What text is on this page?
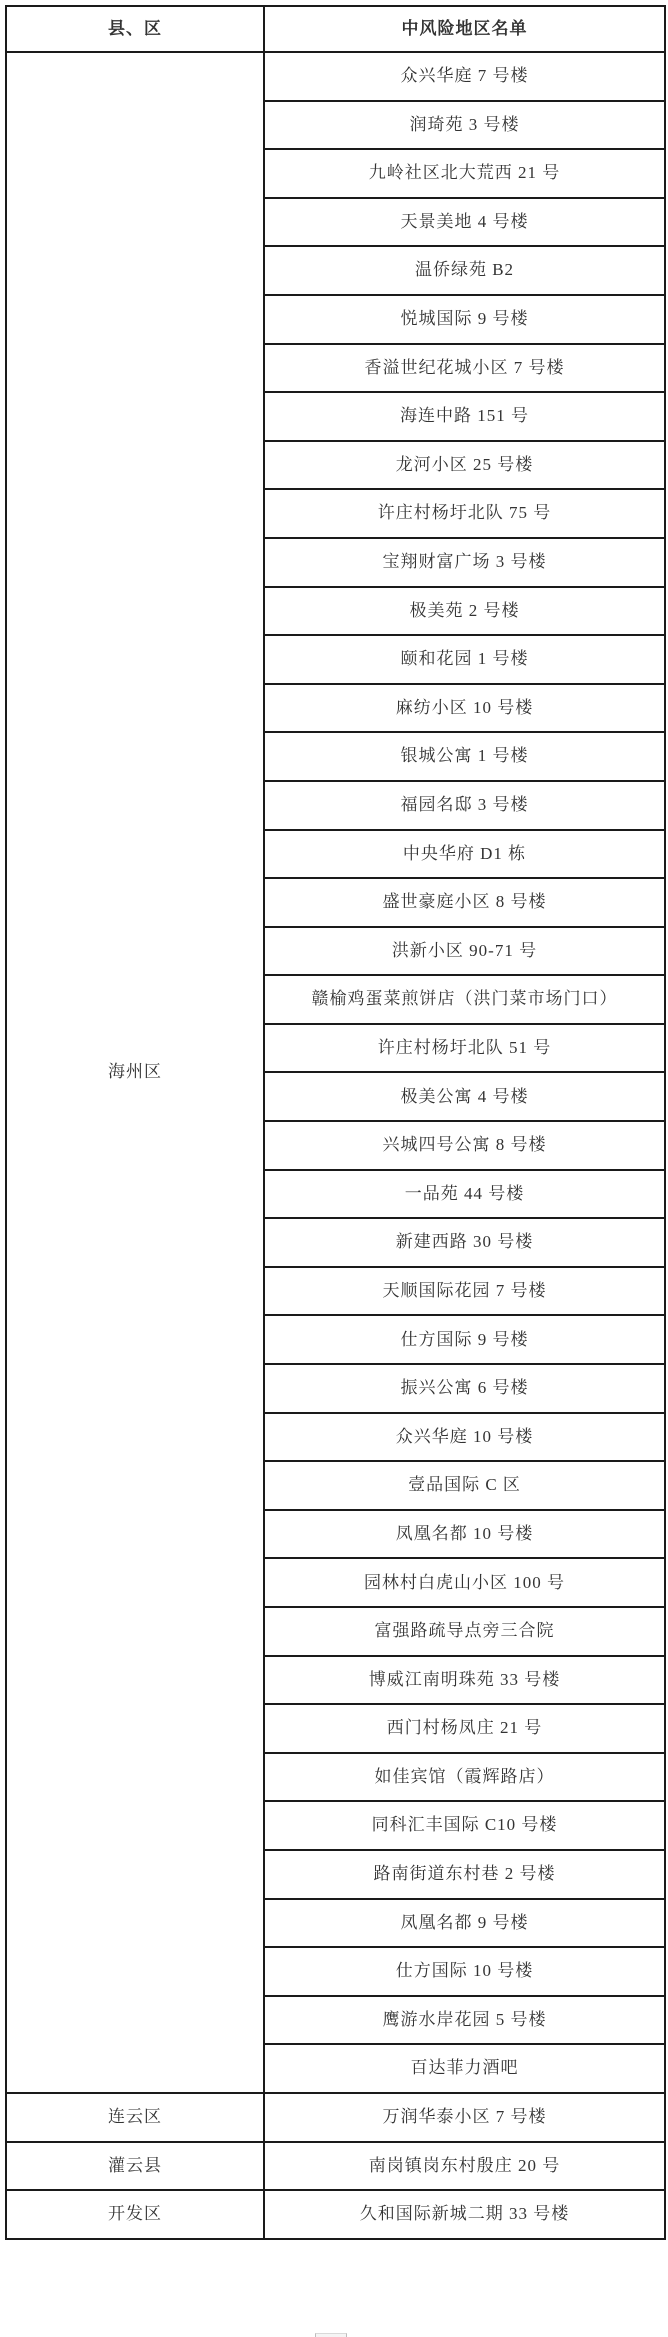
县、区	中风险地区名单
海州区	众兴华庭 7 号楼
	润琦苑 3 号楼
	九岭社区北大荒西 21 号
	天景美地 4 号楼
	温侨绿苑 B2
	悦城国际 9 号楼
	香溢世纪花城小区 7 号楼
	海连中路 151 号
	龙河小区 25 号楼
	许庄村杨圩北队 75 号
	宝翔财富广场 3 号楼
	极美苑 2 号楼
	颐和花园 1 号楼
	麻纺小区 10 号楼
	银城公寓 1 号楼
	福园名邸 3 号楼
	中央华府 D1 栋
	盛世豪庭小区 8 号楼
	洪新小区 90-71 号
	赣榆鸡蛋菜煎饼店（洪门菜市场门口）
	许庄村杨圩北队 51 号
	极美公寓 4 号楼
	兴城四号公寓 8 号楼
	一品苑 44 号楼
	新建西路 30 号楼
	天顺国际花园 7 号楼
	仕方国际 9 号楼
	振兴公寓 6 号楼
	众兴华庭 10 号楼
	壹品国际 C 区
	凤凰名都 10 号楼
	园林村白虎山小区 100 号
	富强路疏导点旁三合院
	博威江南明珠苑 33 号楼
	西门村杨凤庄 21 号
	如佳宾馆（霞辉路店）
	同科汇丰国际 C10 号楼
	路南街道东村巷 2 号楼
	凤凰名都 9 号楼
	仕方国际 10 号楼
	鹰游水岸花园 5 号楼
	百达菲力酒吧
连云区	万润华泰小区 7 号楼
灌云县	南岗镇岗东村殷庄 20 号
开发区	久和国际新城二期 33 号楼
